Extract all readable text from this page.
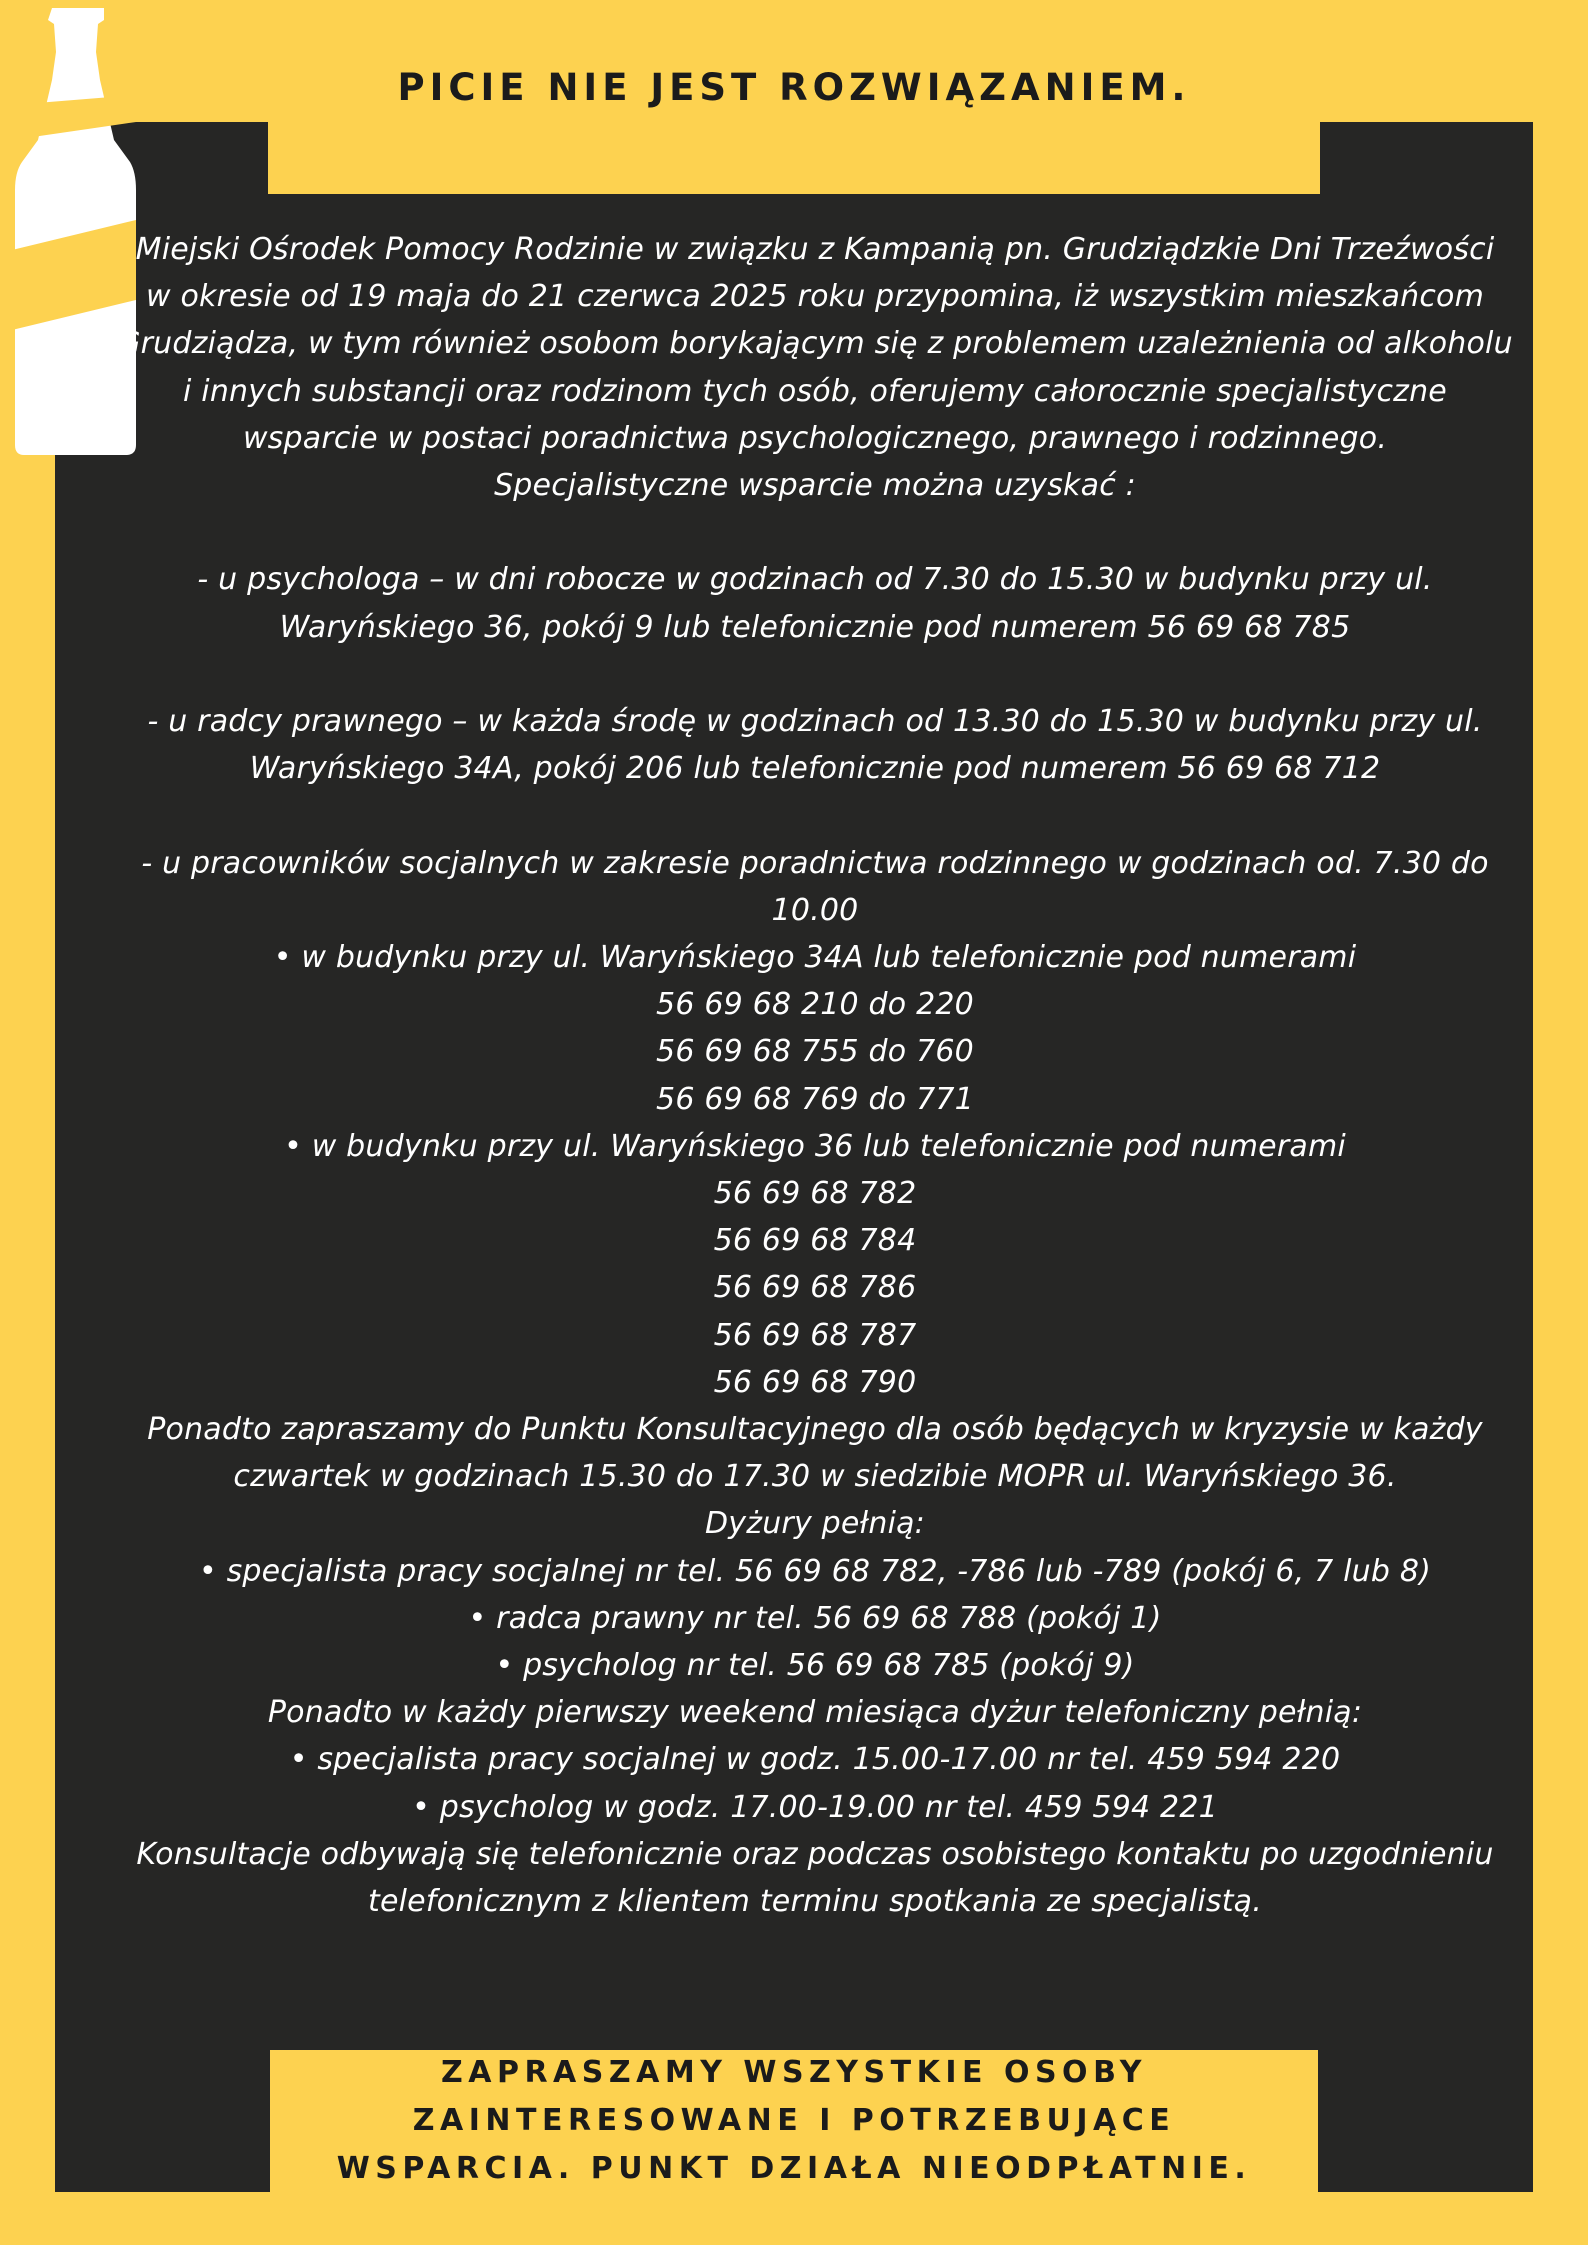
PICIE NIE JEST ROZWIĄZANIEM.
Miejski Ośrodek Pomocy Rodzinie w związku z Kampanią pn. Grudziądzkie Dni Trzeźwości
w okresie od 19 maja do 21 czerwca 2025 roku przypomina, iż wszystkim mieszkańcom
Grudziądza, w tym również osobom borykającym się z problemem uzależnienia od alkoholu
i innych substancji oraz rodzinom tych osób, oferujemy całorocznie specjalistyczne
wsparcie w postaci poradnictwa psychologicznego, prawnego i rodzinnego.
Specjalistyczne wsparcie można uzyskać :
- u psychologa – w dni robocze w godzinach od 7.30 do 15.30 w budynku przy ul.
Waryńskiego 36, pokój 9 lub telefonicznie pod numerem 56 69 68 785
- u radcy prawnego – w każda środę w godzinach od 13.30 do 15.30 w budynku przy ul.
Waryńskiego 34A, pokój 206 lub telefonicznie pod numerem 56 69 68 712
- u pracowników socjalnych w zakresie poradnictwa rodzinnego w godzinach od. 7.30 do
10.00
• w budynku przy ul. Waryńskiego 34A lub telefonicznie pod numerami
56 69 68 210 do 220
56 69 68 755 do 760
56 69 68 769 do 771
• w budynku przy ul. Waryńskiego 36 lub telefonicznie pod numerami
56 69 68 782
56 69 68 784
56 69 68 786
56 69 68 787
56 69 68 790
Ponadto zapraszamy do Punktu Konsultacyjnego dla osób będących w kryzysie w każdy
czwartek w godzinach 15.30 do 17.30 w siedzibie MOPR ul. Waryńskiego 36.
Dyżury pełnią:
• specjalista pracy socjalnej nr tel. 56 69 68 782, -786 lub -789 (pokój 6, 7 lub 8)
• radca prawny nr tel. 56 69 68 788 (pokój 1)
• psycholog nr tel. 56 69 68 785 (pokój 9)
Ponadto w każdy pierwszy weekend miesiąca dyżur telefoniczny pełnią:
• specjalista pracy socjalnej w godz. 15.00-17.00 nr tel. 459 594 220
• psycholog w godz. 17.00-19.00 nr tel. 459 594 221
Konsultacje odbywają się telefonicznie oraz podczas osobistego kontaktu po uzgodnieniu
telefonicznym z klientem terminu spotkania ze specjalistą.
ZAPRASZAMY WSZYSTKIE OSOBY
ZAINTERESOWANE I POTRZEBUJĄCE
WSPARCIA. PUNKT DZIAŁA NIEODPŁATNIE.
